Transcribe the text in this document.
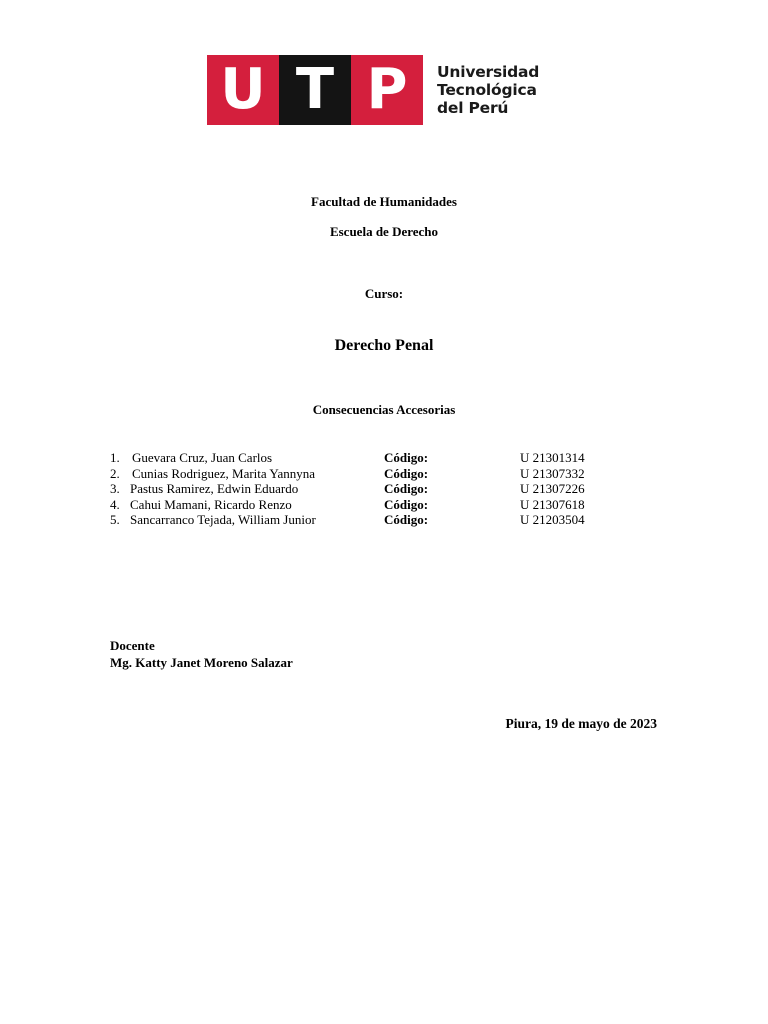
U T P	Universidad
Tecnológica
del Perú
Facultad de Humanidades
Escuela de Derecho
Curso:
Derecho Penal
Consecuencias Accesorias
1. Guevara Cruz, Juan Carlos	Código:	U 21301314
2. Cunias Rodriguez, Marita Yannyna	Código:	U 21307332
3. Pastus Ramirez, Edwin Eduardo	Código:	U 21307226
4. Cahui Mamani, Ricardo Renzo	Código:	U 21307618
5. Sancarranco Tejada, William Junior	Código:	U 21203504
Docente
Mg. Katty Janet Moreno Salazar
Piura, 19 de mayo de 2023
